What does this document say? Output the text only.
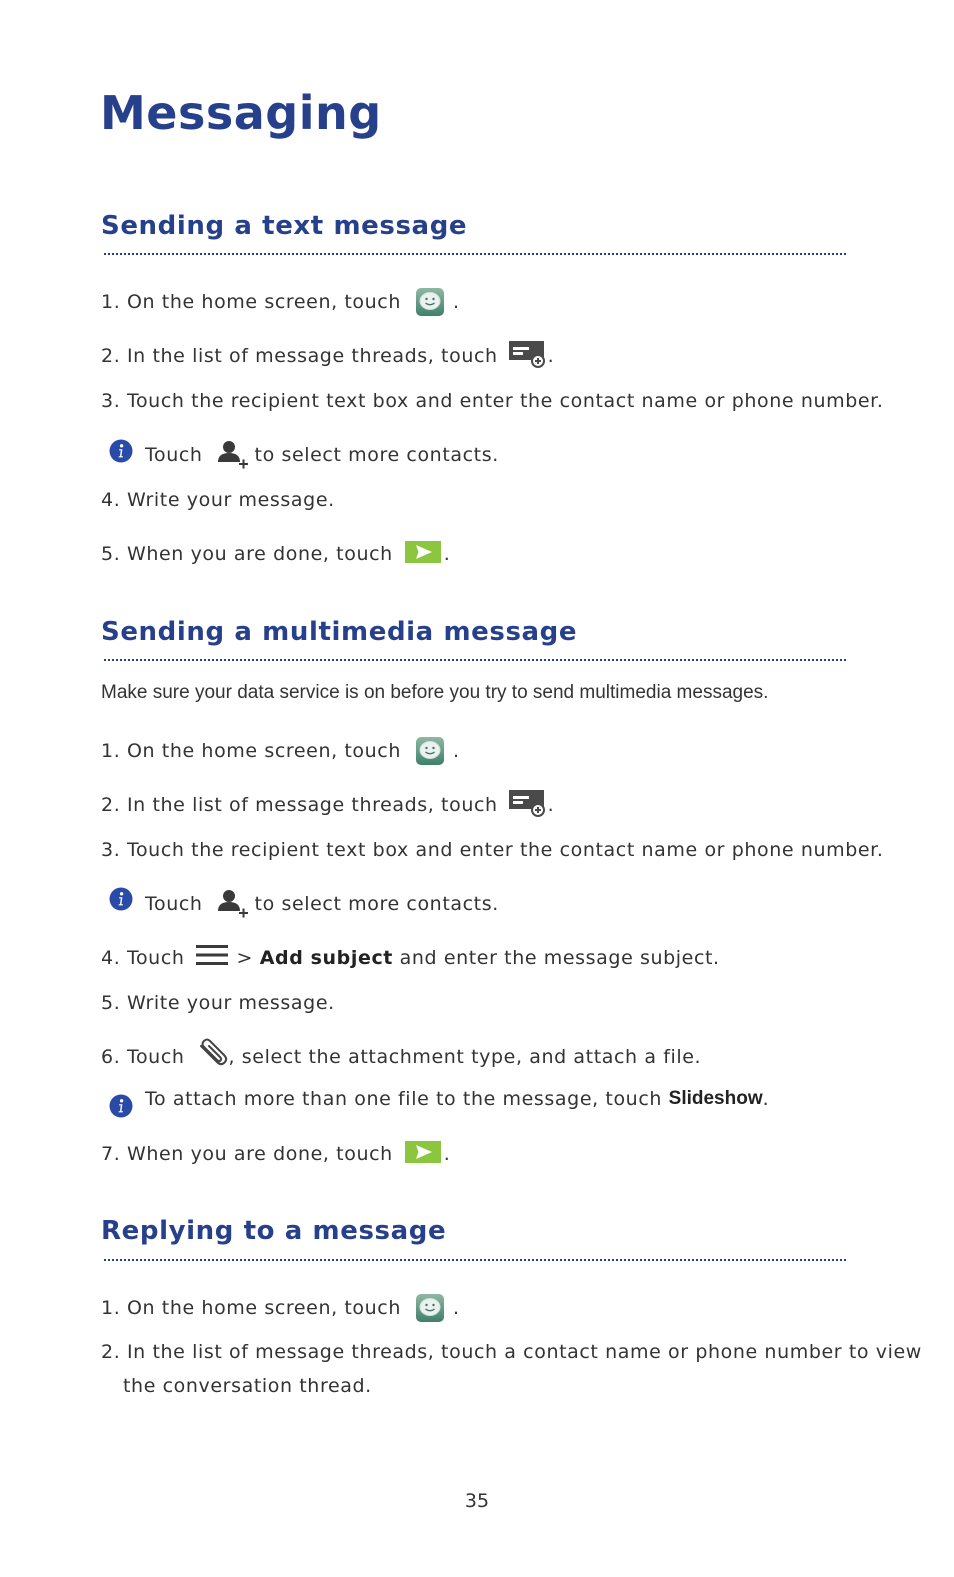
Messaging
Sending a text message
1.
On the home screen, touch	.
2.
In the list of message threads, touch	.
3.
Touch the recipient text box and enter the contact name or phone number.
Touch	to select more contacts.
4.
Write your message.
5.
When you are done, touch	.
Sending a multimedia message
Make sure your data service is on before you try to send multimedia messages.
1.
On the home screen, touch	.
2.
In the list of message threads, touch	.
3.
Touch the recipient text box and enter the contact name or phone number.
Touch	to select more contacts.
4.
Touch	>
Add subject
and enter the message subject.
5.
Write your message.
6.
Touch , select the attachment type, and attach a file.
To attach more than one file to the message, touch
Slideshow .
7.
When you are done, touch	.
Replying to a message
1.
On the home screen, touch	.
2.
In the list of message threads, touch a contact name or phone number to view
the conversation thread.
35
